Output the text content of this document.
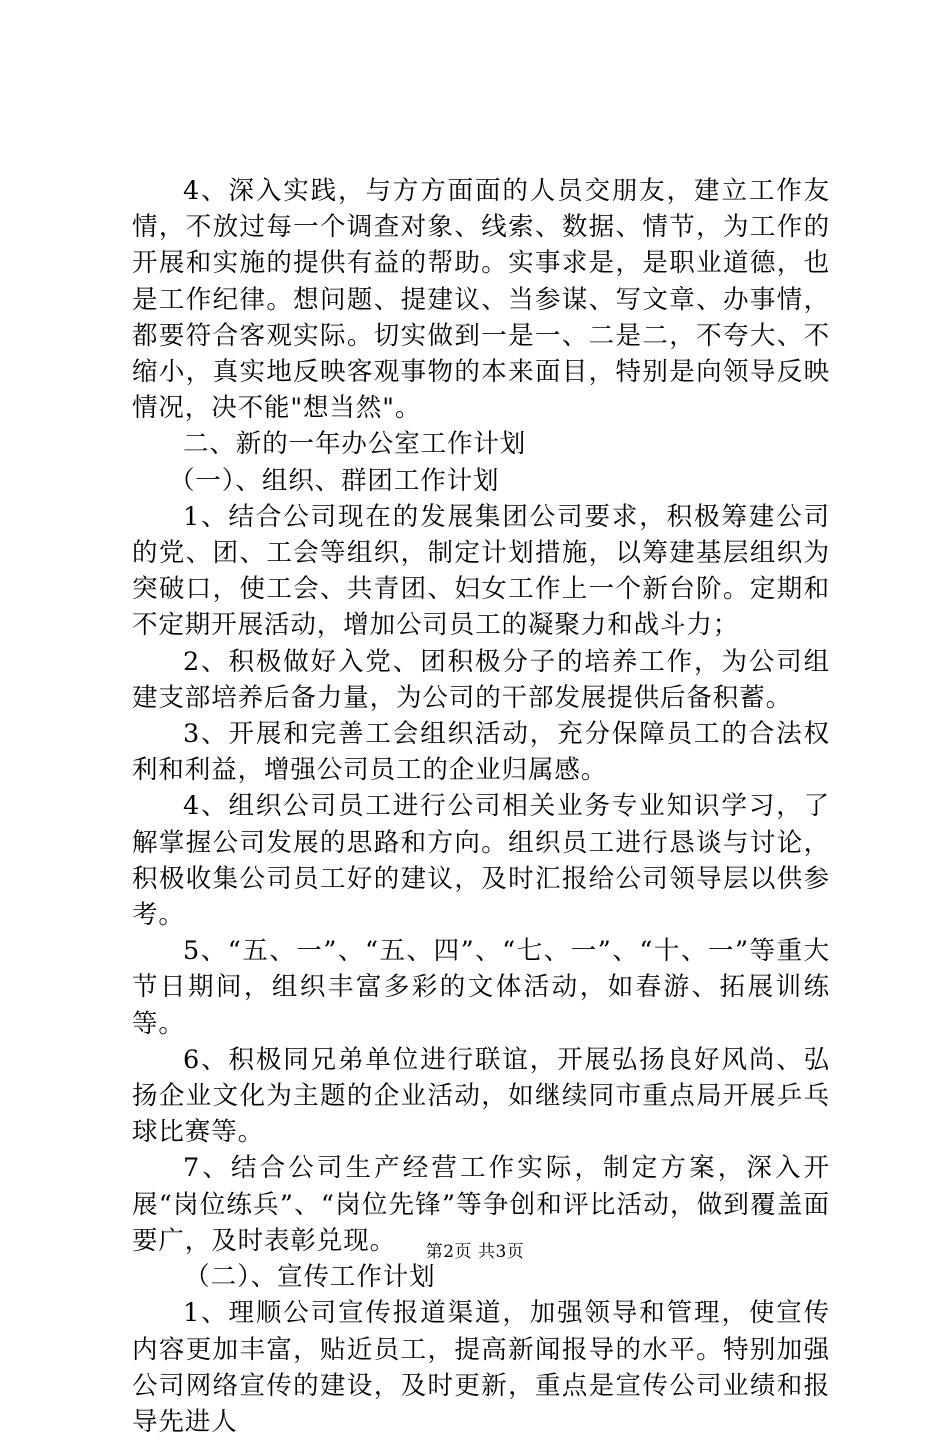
4、深入实践，与方方面面的人员交朋友，建立工作友情，不放过每一个调查对象、线索、数据、情节，为工作的开展和实施的提供有益的帮助。实事求是，是职业道德，也是工作纪律。想问题、提建议、当参谋、写文章、办事情，都要符合客观实际。切实做到一是一、二是二，不夸大、不缩小，真实地反映客观事物的本来面目，特别是向领导反映情况，决不能"想当然"。

二、新的一年办公室工作计划

（一）、组织、群团工作计划

1、结合公司现在的发展集团公司要求，积极筹建公司的党、团、工会等组织，制定计划措施，以筹建基层组织为突破口，使工会、共青团、妇女工作上一个新台阶。定期和不定期开展活动，增加公司员工的凝聚力和战斗力；

2、积极做好入党、团积极分子的培养工作，为公司组建支部培养后备力量，为公司的干部发展提供后备积蓄。

3、开展和完善工会组织活动，充分保障员工的合法权利和利益，增强公司员工的企业归属感。

4、组织公司员工进行公司相关业务专业知识学习，了解掌握公司发展的思路和方向。组织员工进行恳谈与讨论，积极收集公司员工好的建议，及时汇报给公司领导层以供参考。

5、“五、一”、“五、四”、“七、一”、“十、一”等重大节日期间，组织丰富多彩的文体活动，如春游、拓展训练等。

6、积极同兄弟单位进行联谊，开展弘扬良好风尚、弘扬企业文化为主题的企业活动，如继续同市重点局开展乒乓球比赛等。

7、结合公司生产经营工作实际，制定方案，深入开展“岗位练兵”、“岗位先锋”等争创和评比活动，做到覆盖面要广，及时表彰兑现。

（二）、宣传工作计划

1、理顺公司宣传报道渠道，加强领导和管理，使宣传内容更加丰富，贴近员工，提高新闻报导的水平。特别加强公司网络宣传的建设，及时更新，重点是宣传公司业绩和报导先进人

第2页 共3页
